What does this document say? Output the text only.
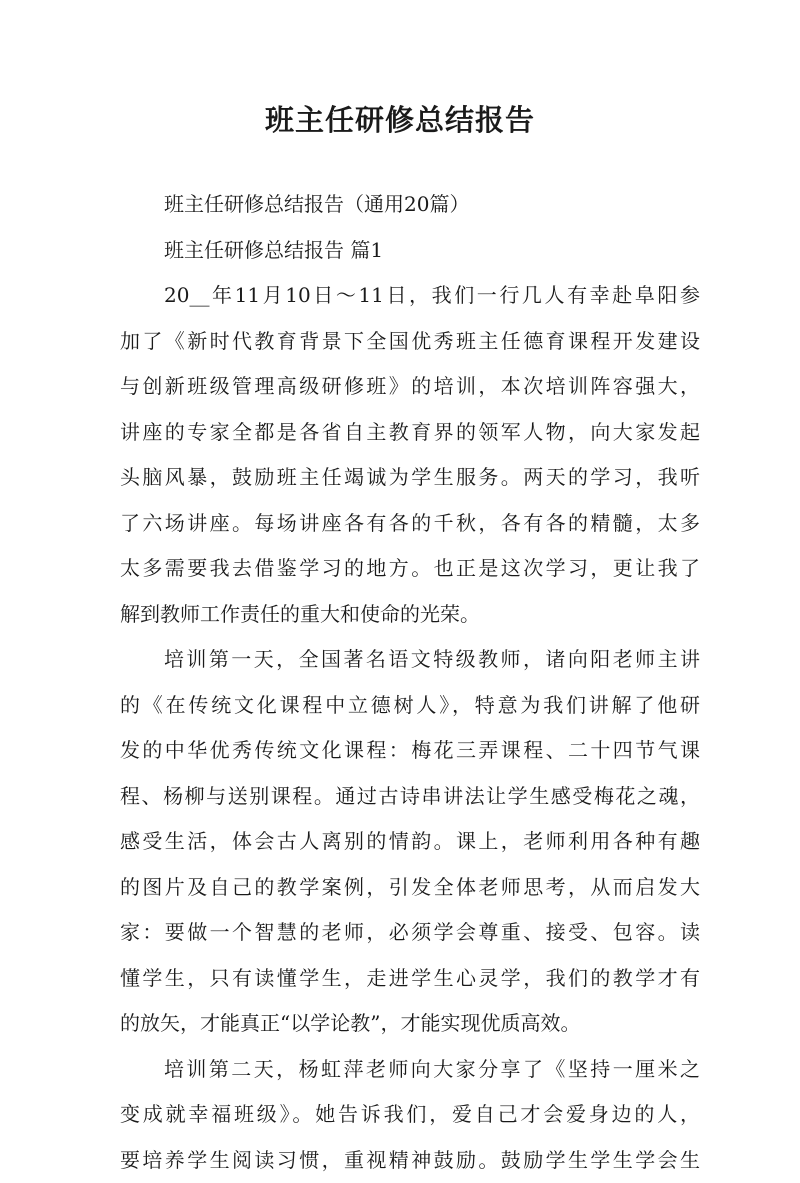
班主任研修总结报告
班主任研修总结报告（通用20篇）
班主任研修总结报告 篇1
20__年11月10日～11日，我们一行几人有幸赴阜阳参
加了《新时代教育背景下全国优秀班主任德育课程开发建设
与创新班级管理高级研修班》的培训，本次培训阵容强大，
讲座的专家全都是各省自主教育界的领军人物，向大家发起
头脑风暴，鼓励班主任竭诚为学生服务。两天的学习，我听
了六场讲座。每场讲座各有各的千秋，各有各的精髓，太多
太多需要我去借鉴学习的地方。也正是这次学习，更让我了
解到教师工作责任的重大和使命的光荣。
培训第一天，全国著名语文特级教师，诸向阳老师主讲
的《在传统文化课程中立德树人》，特意为我们讲解了他研
发的中华优秀传统文化课程：梅花三弄课程、二十四节气课
程、杨柳与送别课程。通过古诗串讲法让学生感受梅花之魂，
感受生活，体会古人离别的情韵。课上，老师利用各种有趣
的图片及自己的教学案例，引发全体老师思考，从而启发大
家：要做一个智慧的老师，必须学会尊重、接受、包容。读
懂学生，只有读懂学生，走进学生心灵学，我们的教学才有
的放矢，才能真正“以学论教”，才能实现优质高效。
培训第二天，杨虹萍老师向大家分享了《坚持一厘米之
变成就幸福班级》。她告诉我们，爱自己才会爱身边的人，
要培养学生阅读习惯，重视精神鼓励。鼓励学生学生学会生
